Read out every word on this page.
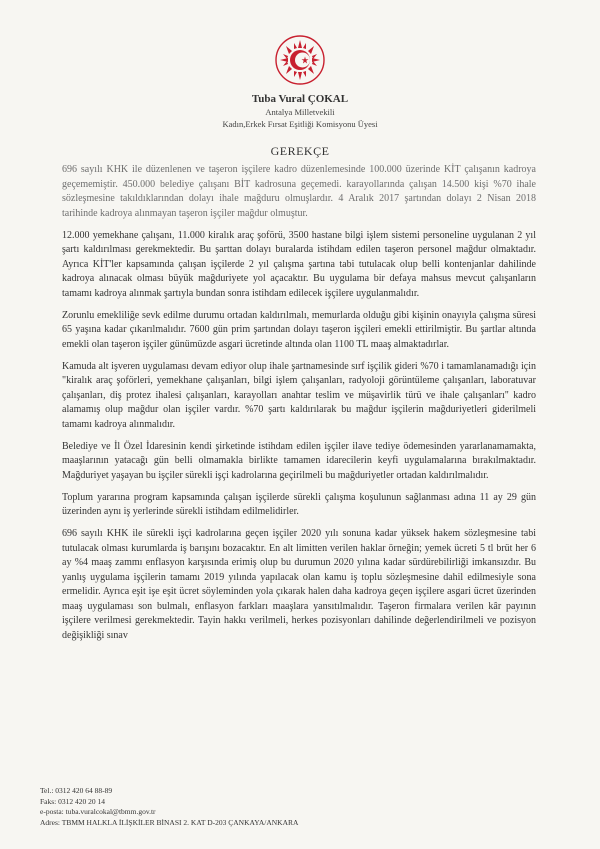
Tuba Vural ÇOKAL
Antalya Milletvekili
Kadın,Erkek Fırsat Eşitliği Komisyonu Üyesi
GEREKÇE

696 sayılı KHK ile düzenlenen ve taşeron işçilere kadro düzenlemesinde 100.000 üzerinde KİT çalışanın kadroya geçememiştir. 450.000 belediye çalışanı BİT kadrosuna geçemedi. karayollarında çalışan 14.500 kişi %70 ihale sözleşmesine takıldıklarından dolayı ihale mağduru olmuşlardır. 4 Aralık 2017 şartından dolayı 2 Nisan 2018 tarihinde kadroya alınmayan taşeron işçiler mağdur olmuştur.

12.000 yemekhane çalışanı, 11.000 kiralık araç şoförü, 3500 hastane bilgi işlem sistemi personeline uygulanan 2 yıl şartı kaldırılması gerekmektedir. Bu şarttan dolayı buralarda istihdam edilen taşeron personel mağdur olmaktadır. Ayrıca KİT'ler kapsamında çalışan işçilerde 2 yıl çalışma şartına tabi tutulacak olup belli kontenjanlar dahilinde kadroya alınacak olması büyük mağduriyete yol açacaktır. Bu uygulama bir defaya mahsus mevcut çalışanların tamamı kadroya alınmak şartıyla bundan sonra istihdam edilecek işçilere uygulanmalıdır.

Zorunlu emekliliğe sevk edilme durumu ortadan kaldırılmalı, memurlarda olduğu gibi kişinin onayıyla çalışma süresi 65 yaşına kadar çıkarılmalıdır. 7600 gün prim şartından dolayı taşeron işçileri emekli ettirilmiştir. Bu şartlar altında emekli olan taşeron işçiler günümüzde asgari ücretinde altında olan 1100 TL maaş almaktadırlar.

Kamuda alt işveren uygulaması devam ediyor olup ihale şartnamesinde sırf işçilik gideri %70 i tamamlanamadığı için "kiralık araç şoförleri, yemekhane çalışanları, bilgi işlem çalışanları, radyoloji görüntüleme çalışanları, laboratuvar çalışanları, diş protez ihalesi çalışanları, karayolları anahtar teslim ve müşavirlik türü ve ihale çalışanları" kadro alamamış olup mağdur olan işçiler vardır. %70 şartı kaldırılarak bu mağdur işçilerin mağduriyetleri giderilmeli tamamı kadroya alınmalıdır.

Belediye ve İl Özel İdaresinin kendi şirketinde istihdam edilen işçiler ilave tediye ödemesinden yararlanamamakta, maaşlarının yatacağı gün belli olmamakla birlikte tamamen idarecilerin keyfi uygulamalarına bırakılmaktadır. Mağduriyet yaşayan bu işçiler sürekli işçi kadrolarına geçirilmeli bu mağduriyetler ortadan kaldırılmalıdır.

Toplum yararına program kapsamında çalışan işçilerde sürekli çalışma koşulunun sağlanması adına 11 ay 29 gün üzerinden aynı iş yerlerinde sürekli istihdam edilmelidirler.

696 sayılı KHK ile sürekli işçi kadrolarına geçen işçiler 2020 yılı sonuna kadar yüksek hakem sözleşmesine tabi tutulacak olması kurumlarda iş barışını bozacaktır. En alt limitten verilen haklar örneğin; yemek ücreti 5 tl brüt her 6 ay %4 maaş zammı enflasyon karşısında erimiş olup bu durumun 2020 yılına kadar sürdürebilirliği imkansızdır. Bu yanlış uygulama işçilerin tamamı 2019 yılında yapılacak olan kamu iş toplu sözleşmesine dahil edilmesiyle sona ermelidir. Ayrıca eşit işe eşit ücret söyleminden yola çıkarak halen daha kadroya geçen işçilere asgari ücret üzerinden maaş uygulaması son bulmalı, enflasyon farkları maaşlara yansıtılmalıdır. Taşeron firmalara verilen kâr payının işçilere verilmesi gerekmektedir. Tayin hakkı verilmeli, herkes pozisyonları dahilinde değerlendirilmeli ve pozisyon değişikliği sınav

Tel.: 0312 420 64 88-89
Faks: 0312 420 20 14
e-posta: tuba.vuralcokal@tbmm.gov.tr
Adres: TBMM HALKLA İLİŞKİLER BİNASI 2. KAT D-203 ÇANKAYA/ANKARA
